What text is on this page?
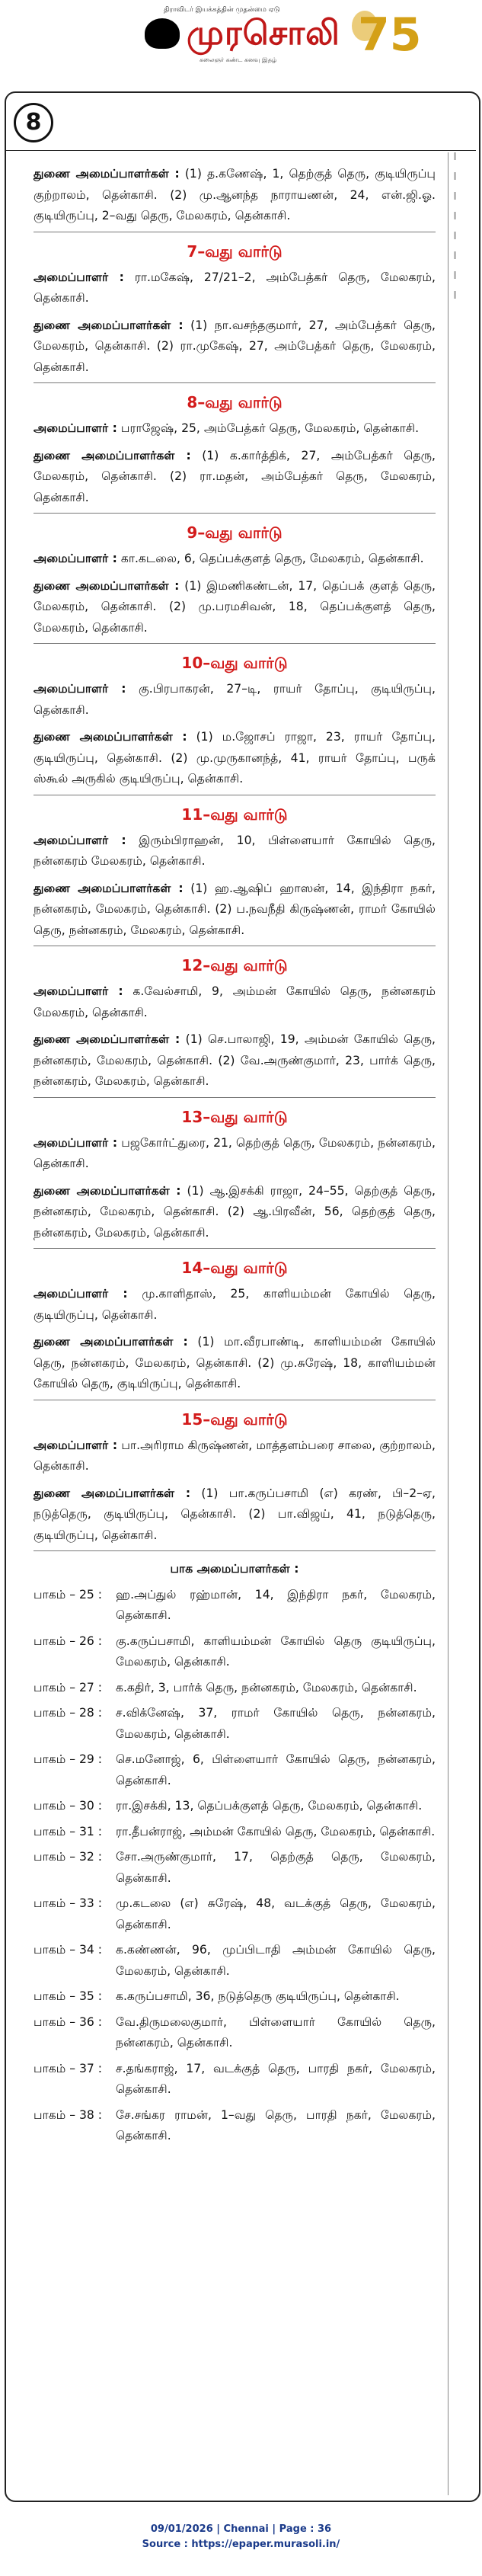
திராவிடர் இயக்கத்தின் முதன்மை ஏடு
முரசொலி
கலைஞர் கண்ட கனவு இதழ் 75
8

துணை அமைப்பாளர்கள் : (1) த.கணேஷ், 1, தெற்குத் தெரு, குடியிருப்பு குற்றாலம், தென்காசி. (2) மு.ஆனந்த நாராயணன், 24, என்.ஜி.ஓ. குடியிருப்பு, 2–வது தெரு, மேலகரம், தென்காசி.

7–வது வார்டு

அமைப்பாளர் : ரா.மகேஷ், 27/21–2, அம்பேத்கர் தெரு, மேலகரம், தென்காசி.

துணை அமைப்பாளர்கள் : (1) நா.வசந்தகுமார், 27, அம்பேத்கர் தெரு, மேலகரம், தென்காசி. (2) ரா.முகேஷ், 27, அம்பேத்கர் தெரு, மேலகரம், தென்காசி.

8–வது வார்டு

அமைப்பாளர் : பராஜேஷ், 25, அம்பேத்கர் தெரு, மேலகரம், தென்காசி.

துணை அமைப்பாளர்கள் : (1) க.கார்த்திக், 27, அம்பேத்கர் தெரு, மேலகரம், தென்காசி. (2) ரா.மதன், அம்பேத்கர் தெரு, மேலகரம், தென்காசி.

9–வது வார்டு

அமைப்பாளர் : கா.கடலை, 6, தெப்பக்குளத் தெரு, மேலகரம், தென்காசி.

துணை அமைப்பாளர்கள் : (1) இமணிகண்டன், 17, தெப்பக் குளத் தெரு, மேலகரம், தென்காசி. (2) மு.பரமசிவன், 18, தெப்பக்குளத் தெரு, மேலகரம், தென்காசி.

10–வது வார்டு

அமைப்பாளர் : கு.பிரபாகரன், 27–டி, ராயர் தோப்பு, குடியிருப்பு, தென்காசி.

துணை அமைப்பாளர்கள் : (1) ம.ஜோசப் ராஜா, 23, ராயர் தோப்பு, குடியிருப்பு, தென்காசி. (2) மு.முருகானந்த், 41, ராயர் தோப்பு, பருக் ஸ்கூல் அருகில் குடியிருப்பு, தென்காசி.

11–வது வார்டு

அமைப்பாளர் : இரும்பிராஹன், 10, பிள்ளையார் கோயில் தெரு, நன்னகரம் மேலகரம், தென்காசி.

துணை அமைப்பாளர்கள் : (1) ஹ.ஆஷிப் ஹாஸன், 14, இந்திரா நகர், நன்னகரம், மேலகரம், தென்காசி. (2) ப.நவநீதி கிருஷ்ணன், ராமர் கோயில் தெரு, நன்னகரம், மேலகரம், தென்காசி.

12–வது வார்டு

அமைப்பாளர் : க.வேல்சாமி, 9, அம்மன் கோயில் தெரு, நன்னகரம் மேலகரம், தென்காசி.

துணை அமைப்பாளர்கள் : (1) செ.பாலாஜி, 19, அம்மன் கோயில் தெரு, நன்னகரம், மேலகரம், தென்காசி. (2) வே.அருண்குமார், 23, பார்க் தெரு, நன்னகரம், மேலகரம், தென்காசி.

13–வது வார்டு

அமைப்பாளர் : பஜகோர்ட்துரை, 21, தெற்குத் தெரு, மேலகரம், நன்னகரம், தென்காசி.

துணை அமைப்பாளர்கள் : (1) ஆ.இசக்கி ராஜா, 24–55, தெற்குத் தெரு, நன்னகரம், மேலகரம், தென்காசி. (2) ஆ.பிரவீன், 56, தெற்குத் தெரு, நன்னகரம், மேலகரம், தென்காசி.

14–வது வார்டு

அமைப்பாளர் : மு.காளிதாஸ், 25, காளியம்மன் கோயில் தெரு, குடியிருப்பு, தென்காசி.

துணை அமைப்பாளர்கள் : (1) மா.வீரபாண்டி, காளியம்மன் கோயில் தெரு, நன்னகரம், மேலகரம், தென்காசி. (2) மு.சுரேஷ், 18, காளியம்மன் கோயில் தெரு, குடியிருப்பு, தென்காசி.

15–வது வார்டு

அமைப்பாளர் : பா.அரிராம கிருஷ்ணன், மாத்தளம்பரை சாலை, குற்றாலம், தென்காசி.

துணை அமைப்பாளர்கள் : (1) பா.கருப்பசாமி (எ) கரண், பி–2–ஏ, நடுத்தெரு, குடியிருப்பு, தென்காசி. (2) பா.விஜய், 41, நடுத்தெரு, குடியிருப்பு, தென்காசி.

பாக அமைப்பாளர்கள் :
பாகம் – 25 :	ஹ.அப்துல் ரஹ்மான், 14, இந்திரா நகர், மேலகரம், தென்காசி.
பாகம் – 26 :	கு.கருப்பசாமி, காளியம்மன் கோயில் தெரு குடியிருப்பு, மேலகரம், தென்காசி.
பாகம் – 27 :	க.கதிர், 3, பார்க் தெரு, நன்னகரம், மேலகரம், தென்காசி.
பாகம் – 28 :	ச.விக்னேஷ், 37, ராமர் கோயில் தெரு, நன்னகரம், மேலகரம், தென்காசி.
பாகம் – 29 :	செ.மனோஜ், 6, பிள்ளையார் கோயில் தெரு, நன்னகரம், தென்காசி.
பாகம் – 30 :	ரா.இசக்கி, 13, தெப்பக்குளத் தெரு, மேலகரம், தென்காசி.
பாகம் – 31 :	ரா.தீபன்ராஜ், அம்மன் கோயில் தெரு, மேலகரம், தென்காசி.
பாகம் – 32 :	சோ.அருண்குமார், 17, தெற்குத் தெரு, மேலகரம், தென்காசி.
பாகம் – 33 :	மு.கடலை (எ) சுரேஷ், 48, வடக்குத் தெரு, மேலகரம், தென்காசி.
பாகம் – 34 :	க.கண்ணன், 96, முப்பிடாதி அம்மன் கோயில் தெரு, மேலகரம், தென்காசி.
பாகம் – 35 :	க.கருப்பசாமி, 36, நடுத்தெரு குடியிருப்பு, தென்காசி.
பாகம் – 36 :	வே.திருமலைகுமார், பிள்ளையார் கோயில் தெரு, நன்னகரம், தென்காசி.
பாகம் – 37 :	ச.தங்கராஜ், 17, வடக்குத் தெரு, பாரதி நகர், மேலகரம், தென்காசி.
பாகம் – 38 :	சே.சங்கர ராமன், 1–வது தெரு, பாரதி நகர், மேலகரம், தென்காசி.
09/01/2026 | Chennai | Page : 36
Source : https://epaper.murasoli.in/
